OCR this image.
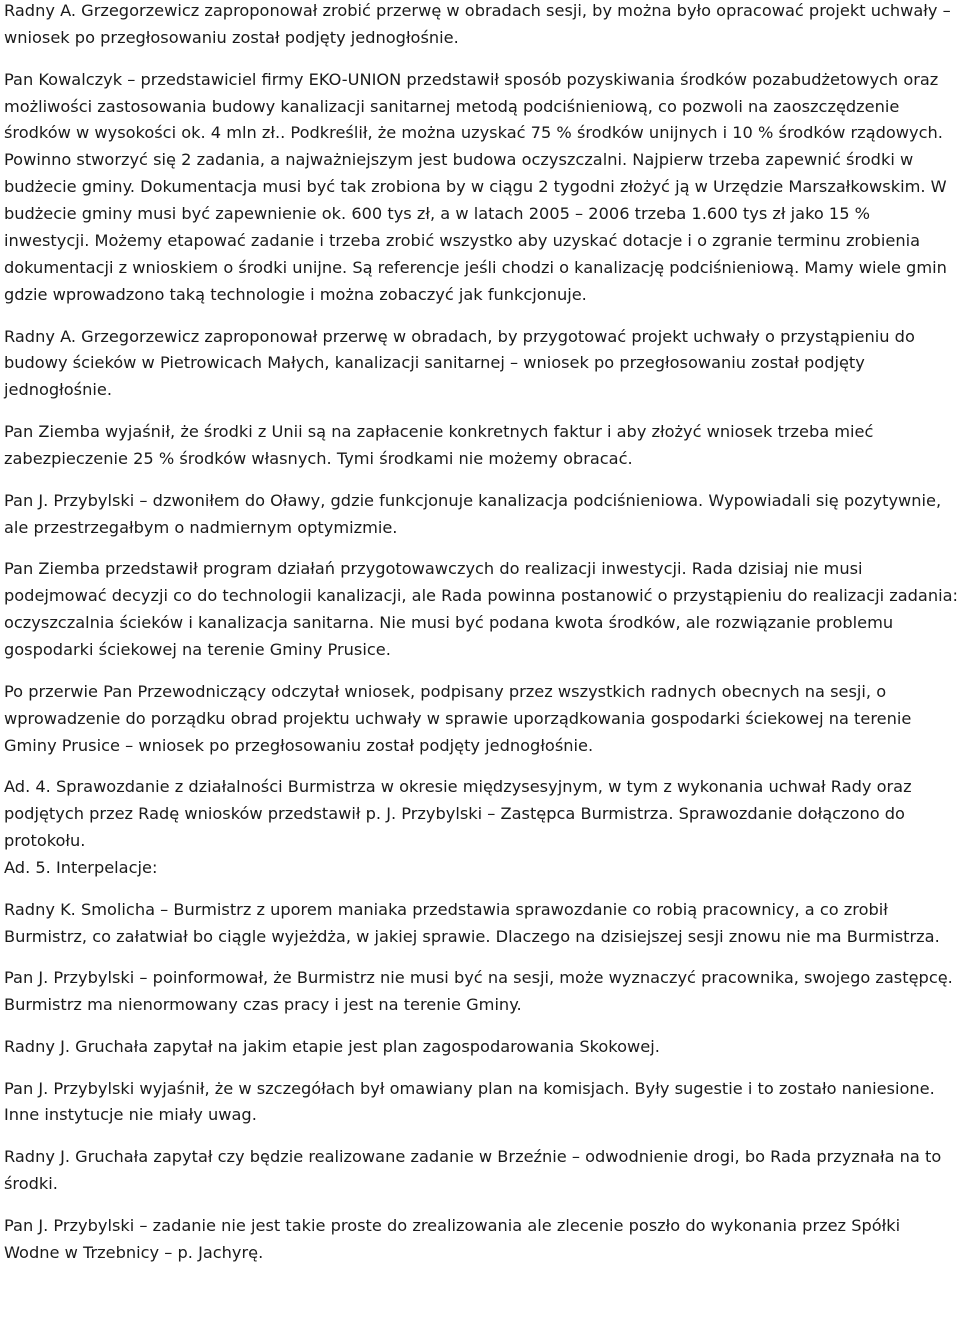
Radny A. Grzegorzewicz zaproponował zrobić przerwę w obradach sesji, by można było opracować projekt uchwały – wniosek po przegłosowaniu został podjęty jednogłośnie.

Pan Kowalczyk – przedstawiciel firmy EKO-UNION przedstawił sposób pozyskiwania środków pozabudżetowych oraz możliwości zastosowania budowy kanalizacji sanitarnej metodą podciśnieniową, co pozwoli na zaoszczędzenie środków w wysokości ok. 4 mln zł.. Podkreślił, że można uzyskać 75 % środków unijnych i 10 % środków rządowych. Powinno stworzyć się 2 zadania, a najważniejszym jest budowa oczyszczalni. Najpierw trzeba zapewnić środki w budżecie gminy. Dokumentacja musi być tak zrobiona by w ciągu 2 tygodni złożyć ją w Urzędzie Marszałkowskim. W budżecie gminy musi być zapewnienie ok. 600 tys zł, a w latach 2005 – 2006 trzeba 1.600 tys zł jako 15 % inwestycji. Możemy etapować zadanie i trzeba zrobić wszystko aby uzyskać dotacje i o zgranie terminu zrobienia dokumentacji z wnioskiem o środki unijne. Są referencje jeśli chodzi o kanalizację podciśnieniową. Mamy wiele gmin gdzie wprowadzono taką technologie i można zobaczyć jak funkcjonuje.

Radny A. Grzegorzewicz zaproponował przerwę w obradach, by przygotować projekt uchwały o przystąpieniu do budowy ścieków w Pietrowicach Małych, kanalizacji sanitarnej – wniosek po przegłosowaniu został podjęty jednogłośnie.

Pan Ziemba wyjaśnił, że środki z Unii są na zapłacenie konkretnych faktur i aby złożyć wniosek trzeba mieć zabezpieczenie 25 % środków własnych. Tymi środkami nie możemy obracać.

Pan J. Przybylski – dzwoniłem do Oławy, gdzie funkcjonuje kanalizacja podciśnieniowa. Wypowiadali się pozytywnie, ale przestrzegałbym o nadmiernym optymizmie.

Pan Ziemba przedstawił program działań przygotowawczych do realizacji inwestycji. Rada dzisiaj nie musi podejmować decyzji co do technologii kanalizacji, ale Rada powinna postanowić o przystąpieniu do realizacji zadania: oczyszczalnia ścieków i kanalizacja sanitarna. Nie musi być podana kwota środków, ale rozwiązanie problemu gospodarki ściekowej na terenie Gminy Prusice.

Po przerwie Pan Przewodniczący odczytał wniosek, podpisany przez wszystkich radnych obecnych na sesji, o wprowadzenie do porządku obrad projektu uchwały w sprawie uporządkowania gospodarki ściekowej na terenie Gminy Prusice – wniosek po przegłosowaniu został podjęty jednogłośnie.

Ad. 4. Sprawozdanie z działalności Burmistrza w okresie międzysesyjnym, w tym z wykonania uchwał Rady oraz podjętych przez Radę wniosków przedstawił p. J. Przybylski – Zastępca Burmistrza. Sprawozdanie dołączono do protokołu.

Ad. 5. Interpelacje:

Radny K. Smolicha – Burmistrz z uporem maniaka przedstawia sprawozdanie co robią pracownicy, a co zrobił Burmistrz, co załatwiał bo ciągle wyjeżdża, w jakiej sprawie. Dlaczego na dzisiejszej sesji znowu nie ma Burmistrza.

Pan J. Przybylski – poinformował, że Burmistrz nie musi być na sesji, może wyznaczyć pracownika, swojego zastępcę. Burmistrz ma nienormowany czas pracy i jest na terenie Gminy.

Radny J. Gruchała zapytał na jakim etapie jest plan zagospodarowania Skokowej.

Pan J. Przybylski wyjaśnił, że w szczegółach był omawiany plan na komisjach. Były sugestie i to zostało naniesione. Inne instytucje nie miały uwag.

Radny J. Gruchała zapytał czy będzie realizowane zadanie w Brzeźnie – odwodnienie drogi, bo Rada przyznała na to środki.

Pan J. Przybylski – zadanie nie jest takie proste do zrealizowania ale zlecenie poszło do wykonania przez Spółki Wodne w Trzebnicy – p. Jachyrę.
